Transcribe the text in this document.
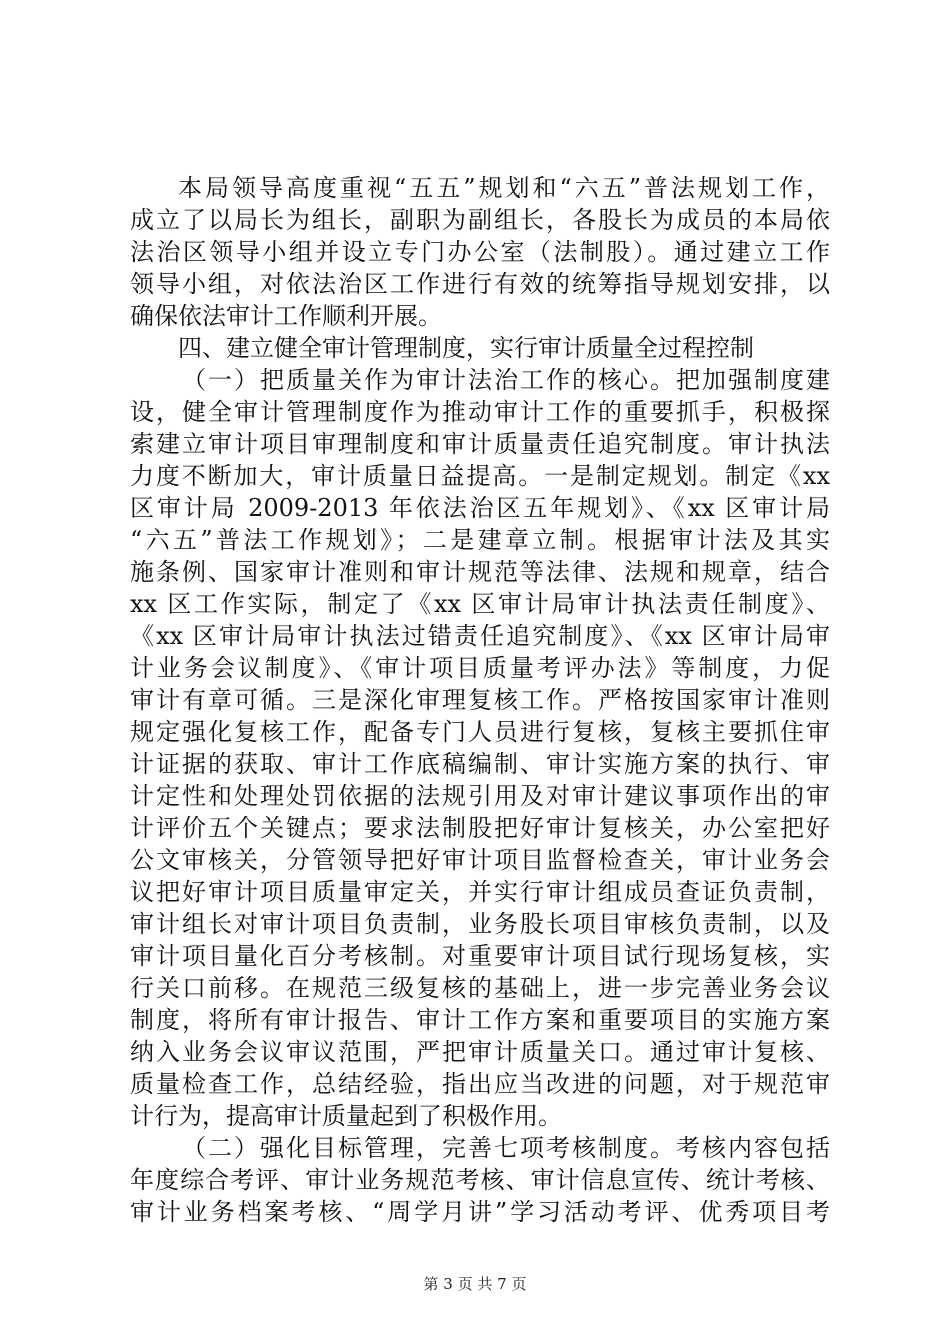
本局领导高度重视“五五”规划和“六五”普法规划工作，
成立了以局长为组长，副职为副组长，各股长为成员的本局依
法治区领导小组并设立专门办公室（法制股）。通过建立工作
领导小组，对依法治区工作进行有效的统筹指导规划安排，以
确保依法审计工作顺利开展。
四、建立健全审计管理制度，实行审计质量全过程控制
（一）把质量关作为审计法治工作的核心。把加强制度建
设，健全审计管理制度作为推动审计工作的重要抓手，积极探
索建立审计项目审理制度和审计质量责任追究制度。审计执法
力度不断加大，审计质量日益提高。一是制定规划。制定《xx
区审计局 2009-2013 年依法治区五年规划》、《xx 区审计局
“六五”普法工作规划》；二是建章立制。根据审计法及其实
施条例、国家审计准则和审计规范等法律、法规和规章，结合
xx 区工作实际，制定了《xx 区审计局审计执法责任制度》、
《xx 区审计局审计执法过错责任追究制度》、《xx 区审计局审
计业务会议制度》、《审计项目质量考评办法》等制度，力促
审计有章可循。三是深化审理复核工作。严格按国家审计准则
规定强化复核工作，配备专门人员进行复核，复核主要抓住审
计证据的获取、审计工作底稿编制、审计实施方案的执行、审
计定性和处理处罚依据的法规引用及对审计建议事项作出的审
计评价五个关键点；要求法制股把好审计复核关，办公室把好
公文审核关，分管领导把好审计项目监督检查关，审计业务会
议把好审计项目质量审定关，并实行审计组成员查证负责制，
审计组长对审计项目负责制，业务股长项目审核负责制，以及
审计项目量化百分考核制。对重要审计项目试行现场复核，实
行关口前移。在规范三级复核的基础上，进一步完善业务会议
制度，将所有审计报告、审计工作方案和重要项目的实施方案
纳入业务会议审议范围，严把审计质量关口。通过审计复核、
质量检查工作，总结经验，指出应当改进的问题，对于规范审
计行为，提高审计质量起到了积极作用。
（二）强化目标管理，完善七项考核制度。考核内容包括
年度综合考评、审计业务规范考核、审计信息宣传、统计考核、
审计业务档案考核、“周学月讲”学习活动考评、优秀项目考
第 3 页 共 7 页
